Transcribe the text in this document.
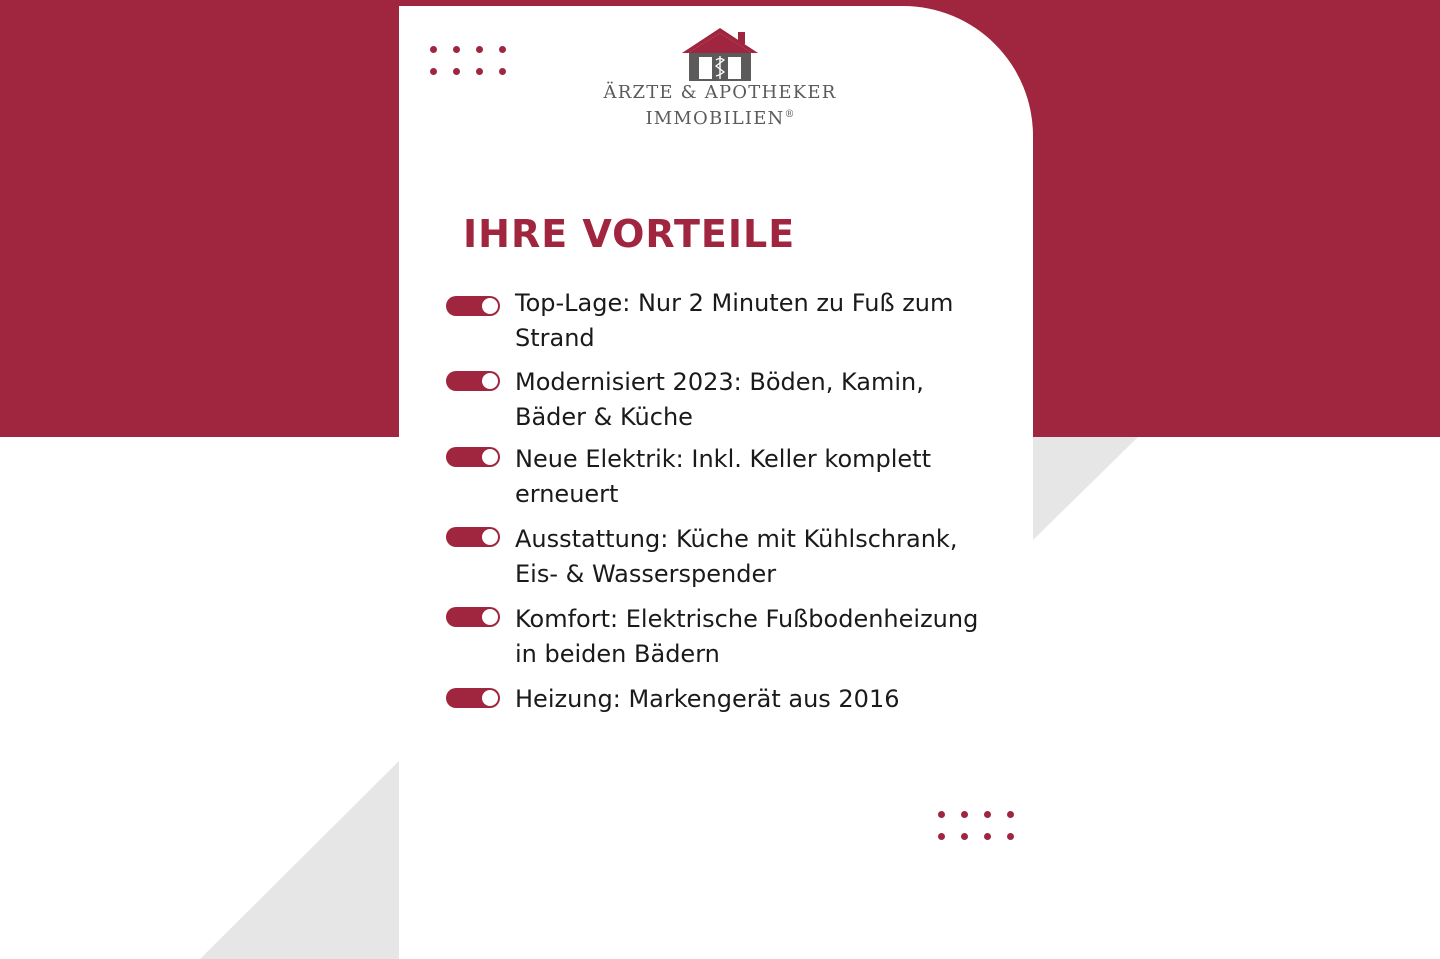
ÄRZTE & APOTHEKER
IMMOBILIEN®
IHRE VORTEILE
Top-Lage: Nur 2 Minuten zu Fuß zum Strand
Modernisiert 2023: Böden, Kamin, Bäder & Küche
Neue Elektrik: Inkl. Keller komplett erneuert
Ausstattung: Küche mit Kühlschrank, Eis- & Wasserspender
Komfort: Elektrische Fußbodenheizung in beiden Bädern
Heizung: Markengerät aus 2016
